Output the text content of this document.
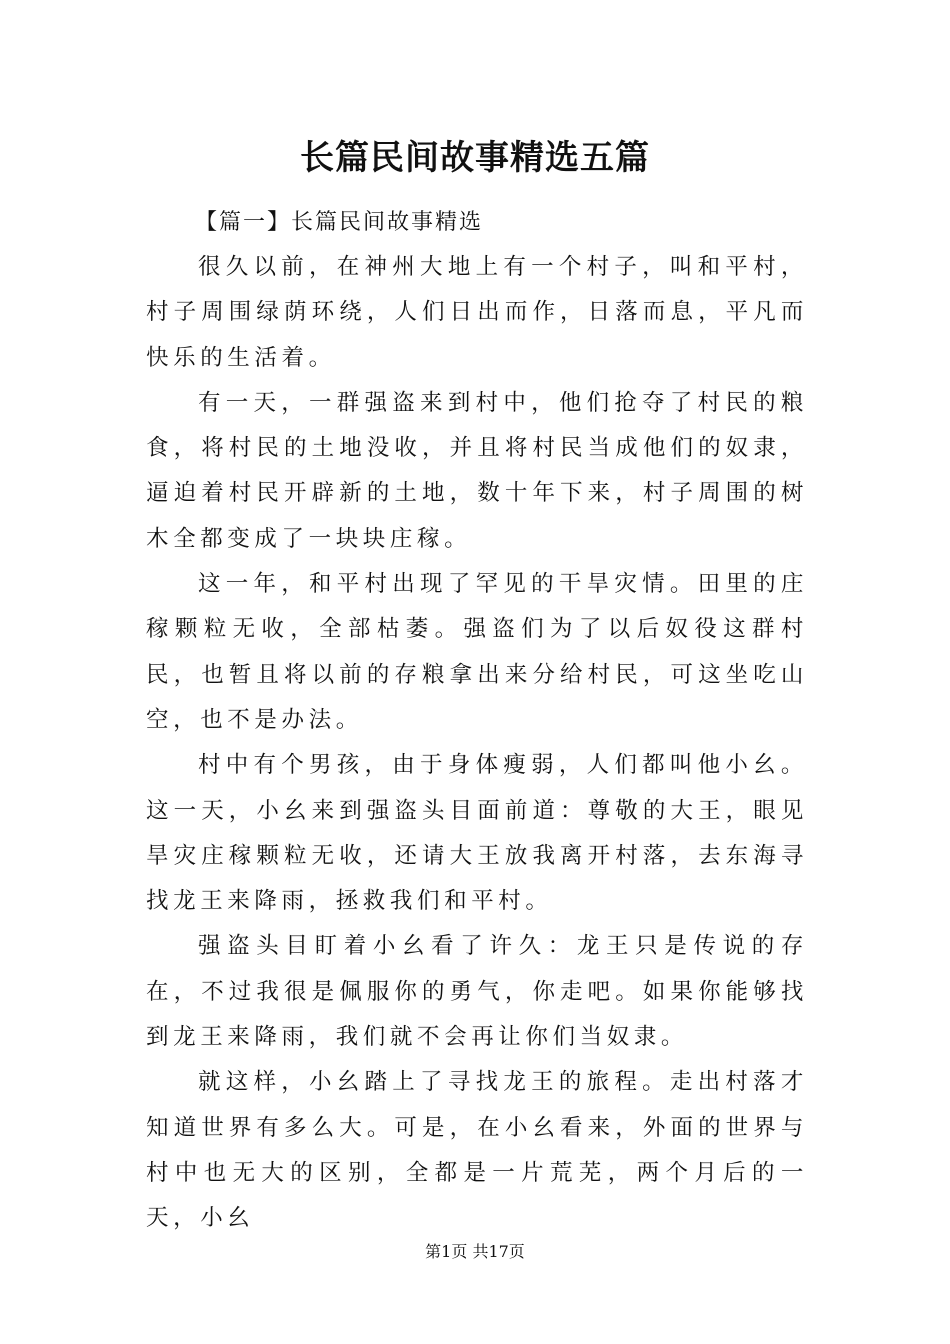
长篇民间故事精选五篇

【篇一】长篇民间故事精选

很久以前，在神州大地上有一个村子，叫和平村，村子周围绿荫环绕，人们日出而作，日落而息，平凡而快乐的生活着。

有一天，一群强盗来到村中，他们抢夺了村民的粮食，将村民的土地没收，并且将村民当成他们的奴隶，逼迫着村民开辟新的土地，数十年下来，村子周围的树木全都变成了一块块庄稼。

这一年，和平村出现了罕见的干旱灾情。田里的庄稼颗粒无收，全部枯萎。强盗们为了以后奴役这群村民，也暂且将以前的存粮拿出来分给村民，可这坐吃山空，也不是办法。

村中有个男孩，由于身体瘦弱，人们都叫他小幺。这一天，小幺来到强盗头目面前道：尊敬的大王，眼见旱灾庄稼颗粒无收，还请大王放我离开村落，去东海寻找龙王来降雨，拯救我们和平村。

强盗头目盯着小幺看了许久：龙王只是传说的存在，不过我很是佩服你的勇气，你走吧。如果你能够找到龙王来降雨，我们就不会再让你们当奴隶。

就这样，小幺踏上了寻找龙王的旅程。走出村落才知道世界有多么大。可是，在小幺看来，外面的世界与村中也无大的区别，全都是一片荒芜，两个月后的一天，小幺

第1页 共17页
